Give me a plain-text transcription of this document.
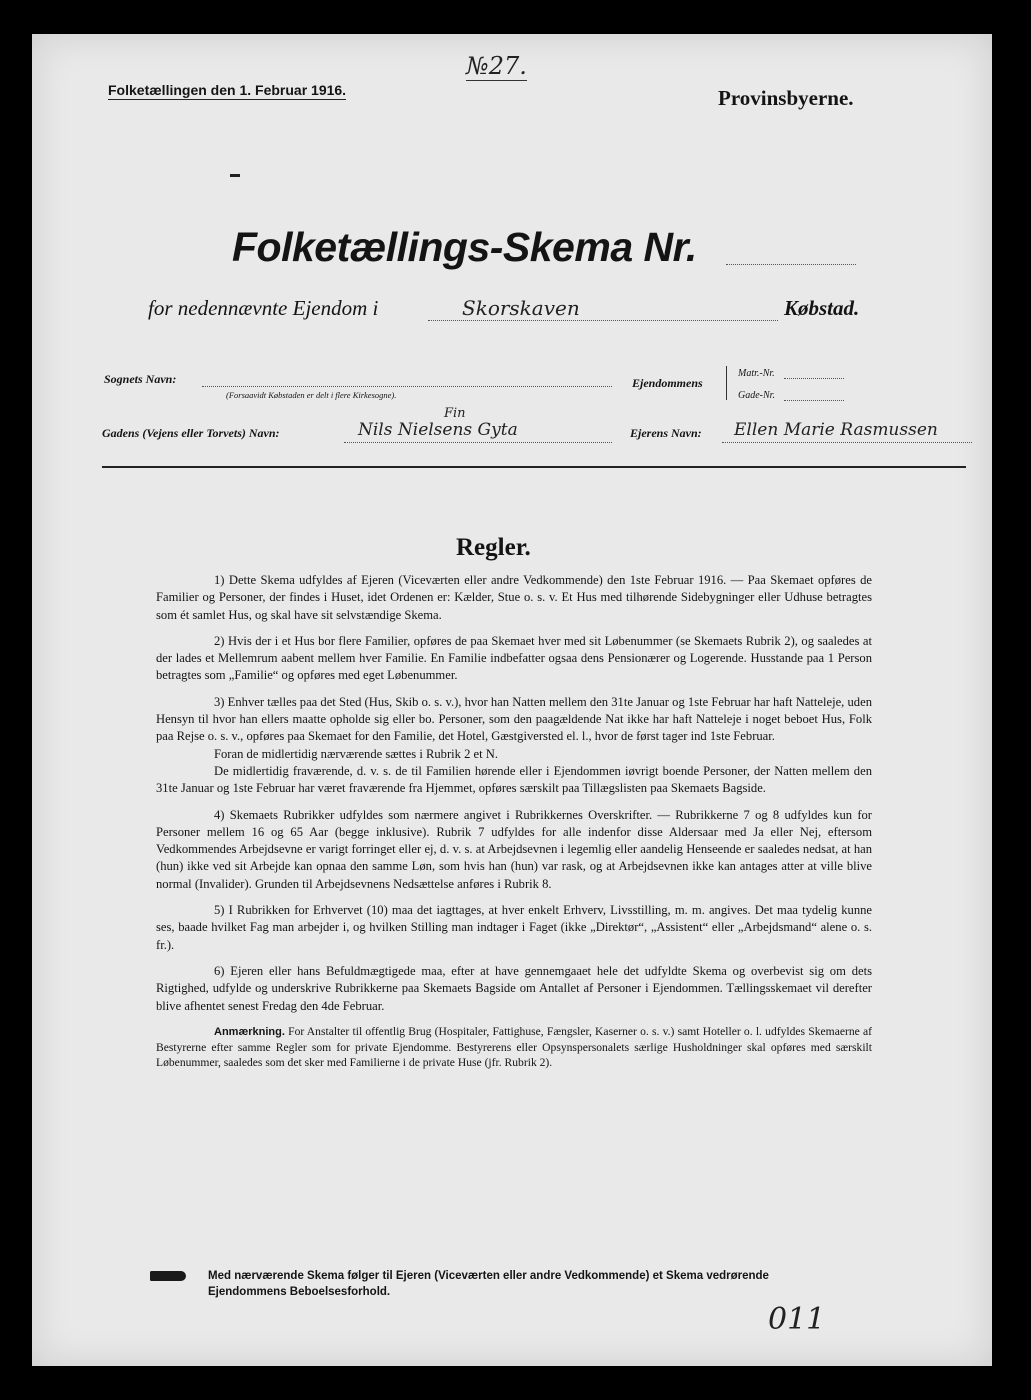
Folketællingen den 1. Februar 1916.
№27.
Provinsbyerne.
Folketællings-Skema Nr.
for nedennævnte Ejendom i	Skorskaven	Købstad.
Sognets Navn:
(Forsaavidt Købstaden er delt i flere Kirkesogne).
Ejendommens
Matr.-Nr.
Gade-Nr.
Gadens (Vejens eller Torvets) Navn:
Fin
Nils Nielsens Gyta	Ejerens Navn: Ellen Marie Rasmussen
Regler.

1) Dette Skema udfyldes af Ejeren (Viceværten eller andre Vedkommende) den 1ste Februar 1916. — Paa Skemaet opføres de Familier og Personer, der findes i Huset, idet Ordenen er: Kælder, Stue o. s. v. Et Hus med tilhørende Sidebygninger eller Udhuse betragtes som ét samlet Hus, og skal have sit selvstændige Skema.

2) Hvis der i et Hus bor flere Familier, opføres de paa Skemaet hver med sit Løbenummer (se Skemaets Rubrik 2), og saaledes at der lades et Mellemrum aabent mellem hver Familie. En Familie indbefatter ogsaa dens Pensionærer og Logerende. Husstande paa 1 Person betragtes som „Familie“ og opføres med eget Løbenummer.

3) Enhver tælles paa det Sted (Hus, Skib o. s. v.), hvor han Natten mellem den 31te Januar og 1ste Februar har haft Natteleje, uden Hensyn til hvor han ellers maatte opholde sig eller bo. Personer, som den paagældende Nat ikke har haft Natteleje i noget beboet Hus, Folk paa Rejse o. s. v., opføres paa Skemaet for den Familie, det Hotel, Gæstgiversted el. l., hvor de først tager ind 1ste Februar.

Foran de midlertidig nærværende sættes i Rubrik 2 et N.

De midlertidig fraværende, d. v. s. de til Familien hørende eller i Ejendommen iøvrigt boende Personer, der Natten mellem den 31te Januar og 1ste Februar har været fraværende fra Hjemmet, opføres særskilt paa Tillægslisten paa Skemaets Bagside.

4) Skemaets Rubrikker udfyldes som nærmere angivet i Rubrikkernes Overskrifter. — Rubrikkerne 7 og 8 udfyldes kun for Personer mellem 16 og 65 Aar (begge inklusive). Rubrik 7 udfyldes for alle indenfor disse Aldersaar med Ja eller Nej, eftersom Vedkommendes Arbejdsevne er varigt forringet eller ej, d. v. s. at Arbejdsevnen i legemlig eller aandelig Henseende er saaledes nedsat, at han (hun) ikke ved sit Arbejde kan opnaa den samme Løn, som hvis han (hun) var rask, og at Arbejdsevnen ikke kan antages atter at ville blive normal (Invalider). Grunden til Arbejdsevnens Nedsættelse anføres i Rubrik 8.

5) I Rubrikken for Erhvervet (10) maa det iagttages, at hver enkelt Erhverv, Livsstilling, m. m. angives. Det maa tydelig kunne ses, baade hvilket Fag man arbejder i, og hvilken Stilling man indtager i Faget (ikke „Direktør“, „Assistent“ eller „Arbejdsmand“ alene o. s. fr.).

6) Ejeren eller hans Befuldmægtigede maa, efter at have gennemgaaet hele det udfyldte Skema og overbevist sig om dets Rigtighed, udfylde og underskrive Rubrikkerne paa Skemaets Bagside om Antallet af Personer i Ejendommen. Tællingsskemaet vil derefter blive afhentet senest Fredag den 4de Februar.

Anmærkning. For Anstalter til offentlig Brug (Hospitaler, Fattighuse, Fængsler, Kaserner o. s. v.) samt Hoteller o. l. udfyldes Skemaerne af Bestyrerne efter samme Regler som for private Ejendomme. Bestyrerens eller Opsynspersonalets særlige Husholdninger skal opføres med særskilt Løbenummer, saaledes som det sker med Familierne i de private Huse (jfr. Rubrik 2).

Med nærværende Skema følger til Ejeren (Viceværten eller andre Vedkommende) et Skema vedrørende
Ejendommens Beboelsesforhold.
011
